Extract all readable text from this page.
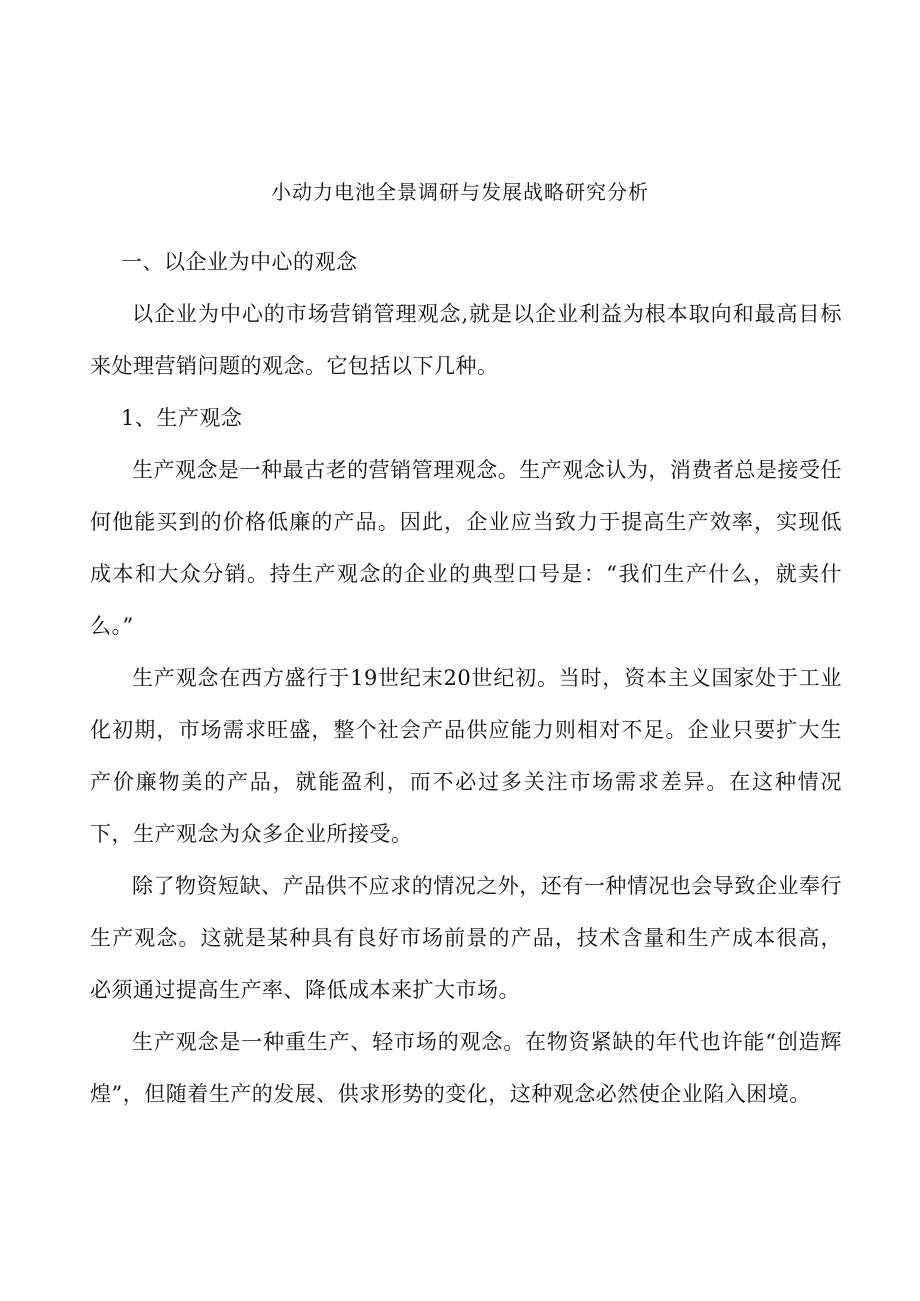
小动力电池全景调研与发展战略研究分析

一、以企业为中心的观念

以企业为中心的市场营销管理观念,就是以企业利益为根本取向和最高目标来处理营销问题的观念。它包括以下几种。

1、生产观念

生产观念是一种最古老的营销管理观念。生产观念认为，消费者总是接受任何他能买到的价格低廉的产品。因此，企业应当致力于提高生产效率，实现低成本和大众分销。持生产观念的企业的典型口号是：“我们生产什么，就卖什么。”

生产观念在西方盛行于19世纪末20世纪初。当时，资本主义国家处于工业化初期，市场需求旺盛，整个社会产品供应能力则相对不足。企业只要扩大生产价廉物美的产品，就能盈利，而不必过多关注市场需求差异。在这种情况下，生产观念为众多企业所接受。

除了物资短缺、产品供不应求的情况之外，还有一种情况也会导致企业奉行生产观念。这就是某种具有良好市场前景的产品，技术含量和生产成本很高，必须通过提高生产率、降低成本来扩大市场。

生产观念是一种重生产、轻市场的观念。在物资紧缺的年代也许能“创造辉煌”，但随着生产的发展、供求形势的变化，这种观念必然使企业陷入困境。
